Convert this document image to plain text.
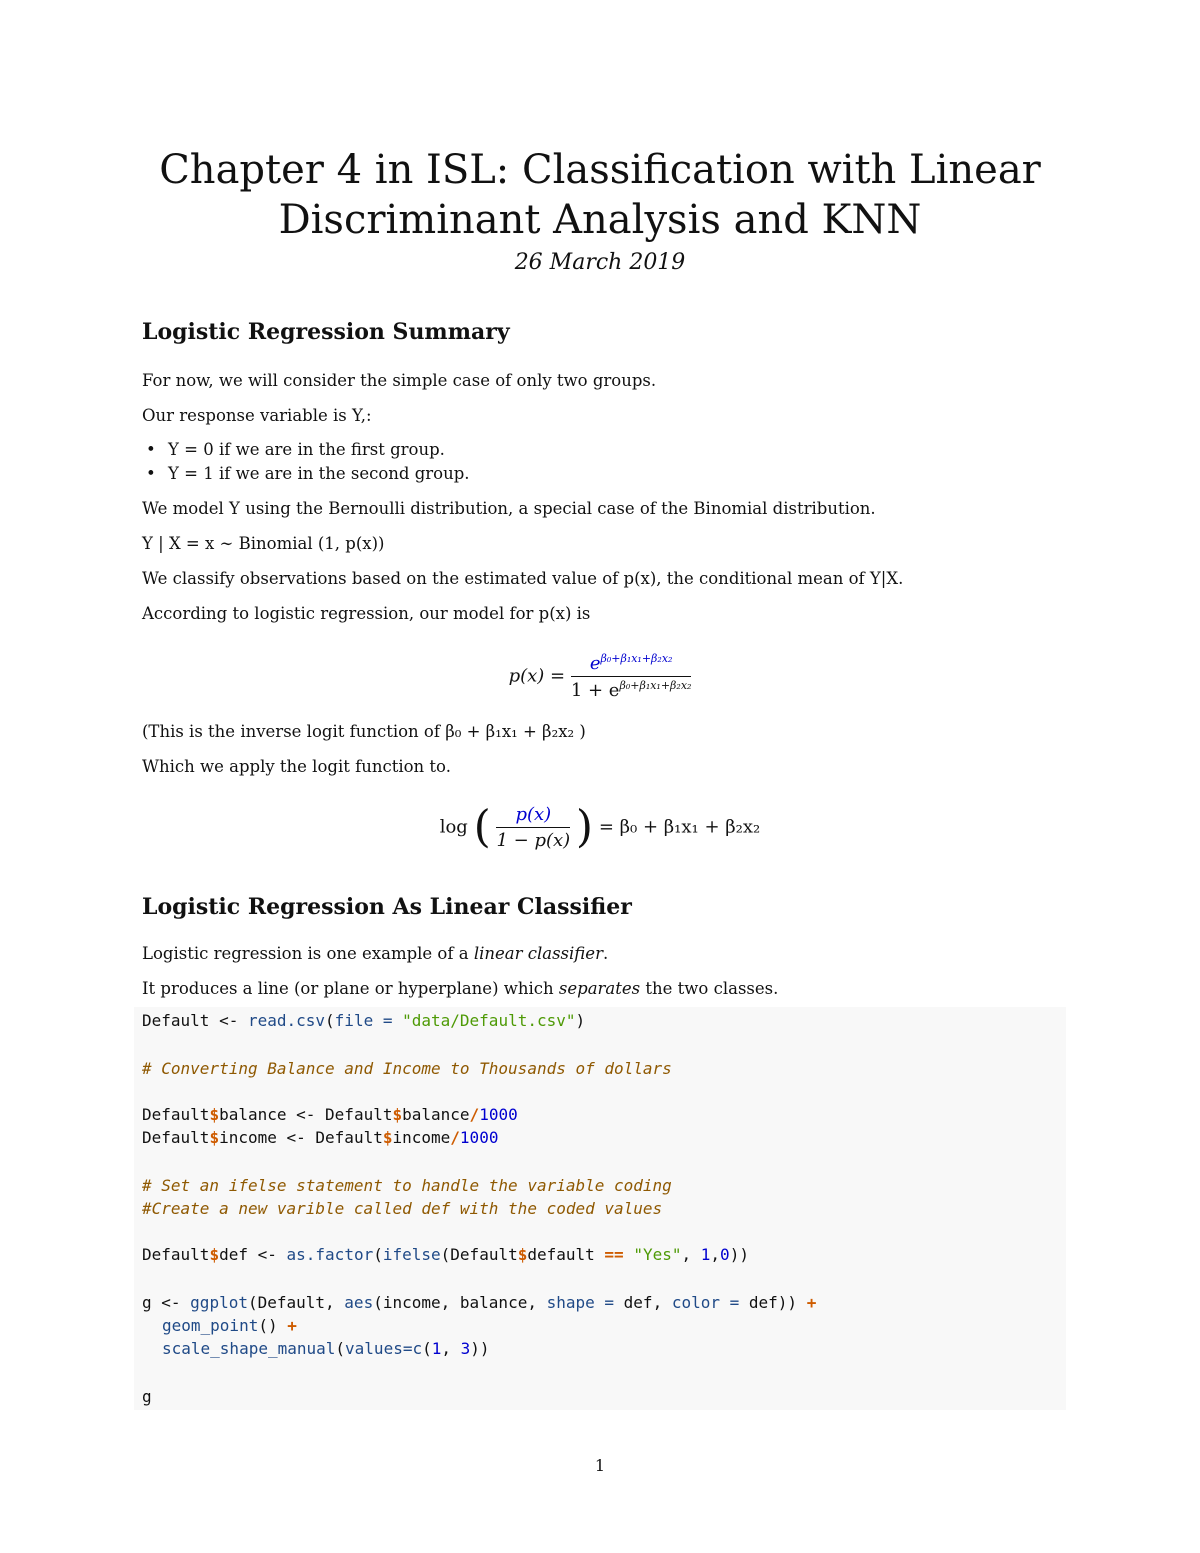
Chapter 4 in ISL: Classification with Linear
Discriminant Analysis and KNN
26 March 2019
Logistic Regression Summary

For now, we will consider the simple case of only two groups.

Our response variable is Y,:

• Y = 0 if we are in the first group.
• Y = 1 if we are in the second group.

We model Y using the Bernoulli distribution, a special case of the Binomial distribution.

Y | X = x ∼ Binomial (1, p(x))

We classify observations based on the estimated value of p(x), the conditional mean of Y|X.

According to logistic regression, our model for p(x) is

$p(x) = \frac{e^{\beta_0+\beta_1x_1+\beta_2x_2}}{1 + e^{\beta_0+\beta_1x_1+\beta_2x_2}}$

(This is the inverse logit function of β₀ + β₁x₁ + β₂x₂ )

Which we apply the logit function to.

log ( $\frac{p(x)}{1 - p(x)}$ ) = β₀ + β₁x₁ + β₂x₂
Logistic Regression As Linear Classifier

Logistic regression is one example of a linear classifier.

It produces a line (or plane or hyperplane) which separates the two classes.

Default <- read.csv(file = "data/Default.csv")
# Converting Balance and Income to Thousands of dollars
Default$balance <- Default$balance/1000
Default$income <- Default$income/1000
# Set an ifelse statement to handle the variable coding
#Create a new varible called def with the coded values
Default$def <- as.factor(ifelse(Default$default == "Yes", 1,0))
g <- ggplot(Default, aes(income, balance, shape = def, color = def)) +
geom_point() +
scale_shape_manual(values=c(1, 3))
g
1
